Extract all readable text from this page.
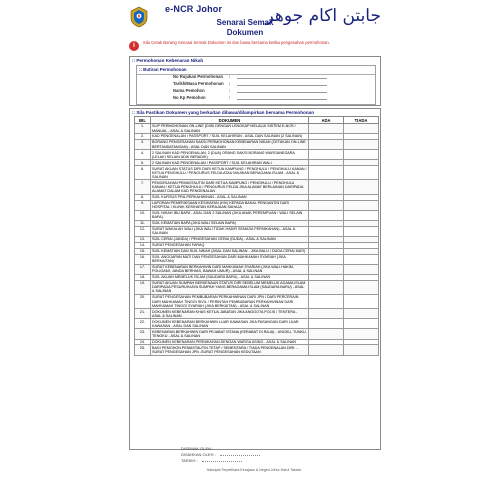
e-NCR Johor	جابتن اكام جوهر
Senarai Semak
Dokumen
i	Sila Cetak Borang Senarai Semak Dokumen ini dan bawa bersama ketika pengesahan permohonan.
:: Permohonan Kebenaran Nikah
:: Butiran Permohonan
No Rujukan Permohonan :
Tarikh/Masa Permohonan :
Nama Pemohon	:
No Kp Pemohon	:
:: Sila Pastikan Dokumen yang berkaitan dibawa/dilampirkan bersama Permohonan
BIL	DOKUMEN	ADA	TIADA
1.	SLIP PERMOHONAN ON-LINE (DIISI DENGAN LENGKAP MELALUI SISTEM E-NCR / MANUAL - ASAL & SALINAN		
2.	KAD PENGENALAN / PASSPORT / SIJIL KELAHIRAN - ASAL DAN SALINAN (2 SALINAN)		
3.	BORANG PENGESAHAN SAKSI PERMOHONAN KEBENARAN NIKAH (CETAKAN ON-LINE BERTANDATANGAN) - ASAL DAN SALINAN		
4.	2 SALINAN KAD PENGENALAN, 2 (DUA) ORANG SAKSI BORANG WARGANEGARA (LELAKI SELAIN ADIK BERADIK)		
5.	2 SALINAN KAD PENGENALAN / PASSPORT / SIJIL KELAHIRAN WALI		
6.	SURAT AKUAN STATUS DIRI DARI KETUA KAMPUNG / PENGHULU / PENGHULU KANAN / KETUA PENGHULU / PENGURUS FELDA ATAU MAJIKAN BERAGAMA ISLAM - ASAL & SALINAN		
7.	PENGESAHAN PEMASTAUTIN DARI KETUA KAMPUNG / PENGHULU / PENGHULU KANAN / KETUA PENGHULU / PENGURUS FELDA JIKA ALAMAT BERLAINAN DARIPADA ALAMAT DALAM KAD PENGENALAN		
8.	SIJIL KURSUS PRA-PERKAHWINAN - ASAL & SALINAN		
9.	LAPORAN PEMERIKSAAN KESIHATAN (HIV) KEPADA BAKAL PENGANTIN DARI HOSPITAL / KLINIK KESIHATAN KERAJAAN SAHAJA		
10.	SIJIL NIKAH IBU BAPA - ASAL DAN 2 SALINAN (JIKA ANAK PEREMPUAN / WALI SELAIN BAPA)		
11.	SIJIL KEMATIAN BAPA (JIKA WALI SELAIN BAPA)		
12.	SURAT WAKALAH WALI (JIKA WALI TIDAK HADIR SEMASA PERNIKAHAN) - ASAL & SALINAN		
13.	SIJIL CERAI (JANDA) / PENGESAHAN CERAI (DUDA) - ASAL & SALINAN		
14.	SURAT PENGESAHAN FARAQ		
15.	SIJIL KEMATIAN DAN SIJIL NIKAH (ASAL DAN SALINAN - JIKA BALU / DUDA CERAI MATI)		
16.	SIJIL ANGGAPAN MATI DAN PENGESAHAN DARI MAHKAMAH SYARIAH (JIKA BERKAITAN)		
17.	SURAT KEBENARAN BERKAHWIN DARI MAHKAMAH SYARIAH (JIKA WALI HAKIM, POLIGAMI, JANDA BERHIAS, BAWAH UMUR) - ASAL & SALINAN		
18.	SIJIL AKUAN MEMELUK ISLAM (SAUDARA BARU) - ASAL & SALINAN		
19.	SURAT AKUAN SUMPAH BERKENAAN STATUS DIRI SEBELUM MEMELUK AGAMA ISLAM DARIPADA PESURUHJAYA SUMPAH YANG BERAGAMA ISLAM (SAUDARA BARU) - ASAL & SALINAN		
20.	SURAT PENGESAHAN PEMBUBARAN PERKAHWINAN DARI JPN / DARI PERCERAIN DARI MAHKAMAH TINGGI SIVIL / PERINTAH PEMBUBARAN PERKAHWINAN DARI MAHKAMAH TINGGI SYARIAH (JIKA BERKAITAN) - ASAL & SALINAN		
21.	DOKUMEN KEBENARAN KHAS KETUA JABATAN JIKA ANGGOTA POLIS / TENTERA - ASAL & SALINAN		
22.	DOKUMEN KEBENARAN BERKAHWIN LUAR KAWASAN JIKA PASANGAN DARI LUAR KAWASAN - ASAL DAN SALINAN		
23.	KEBENARAN BERKAHWIN DARI PEJABAT ISTANA (KERABAT DI RAJA) - UNGKU, TUNKU, TENGKU - ASAL & SALINAN		
24.	DOKUMEN KEBENARAN PERNIKAHAN DENGAN WARGA ASING - ASAL & SALINAN		
25.	BAGI PEMOHON PEMASTAUTIN TETAP / SEMENTARA / TIADA PENGENALAN DIRI: -SURAT PENGESAHAN JPN -SURAT PENGESAHAN KEDUTAAN		
DISEMAK OLEH :
DISAHKAN OLEH :
TARIKH :
Hakcipta Terpelihara Kerajaan & Negeri Johor Darul Takzim
